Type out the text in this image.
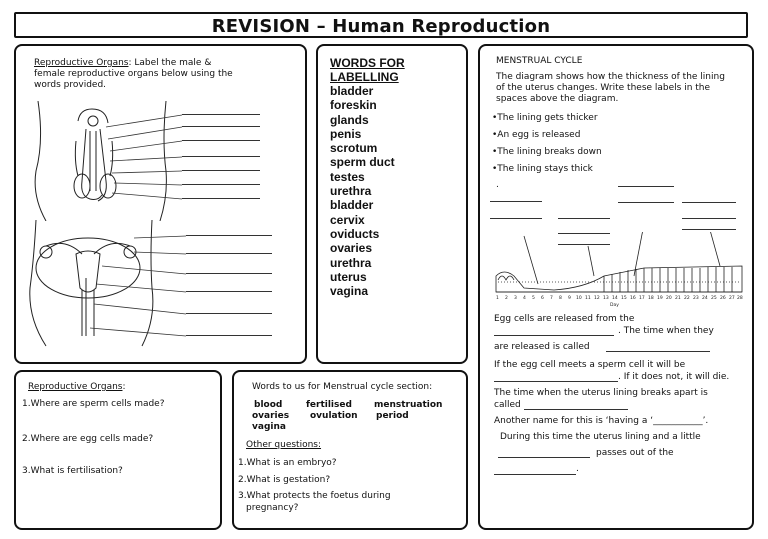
REVISION – Human Reproduction
Reproductive Organs: Label the male & female reproductive organs below using the words provided.
WORDS FOR
LABELLING
bladder
foreskin
glands
penis
scrotum
sperm duct
testes
urethra
bladder
cervix
oviducts
ovaries
urethra
uterus
vagina
MENSTRUAL CYCLE
The diagram shows how the thickness of the lining of the uterus changes. Write these labels in the spaces above the diagram.
•The lining gets thicker
•An egg is released
•The lining breaks down
•The lining stays thick
.
1 2 3 4 5 6 7 8 9 10 11 12 13 14 15 16 17 18 19 20 21 22 23 24 25 26 27 28
Day
Egg cells are released from the
. The time when they
are released is called
If the egg cell meets a sperm cell it will be
. If it does not, it will die.
The time when the uterus lining breaks apart is
called
Another name for this is ‘having a ‘___________’.
During this time the uterus lining and a little
passes out of the
.
Reproductive Organs:
1.Where are sperm cells made?
2.Where are egg cells made?
3.What is fertilisation?
Words to us for Menstrual cycle section:
blood	fertilised menstruation
ovaries ovulation period
vagina
Other questions:
1.What is an embryo?
2.What is gestation?
3.What protects the foetus during
pregnancy?
